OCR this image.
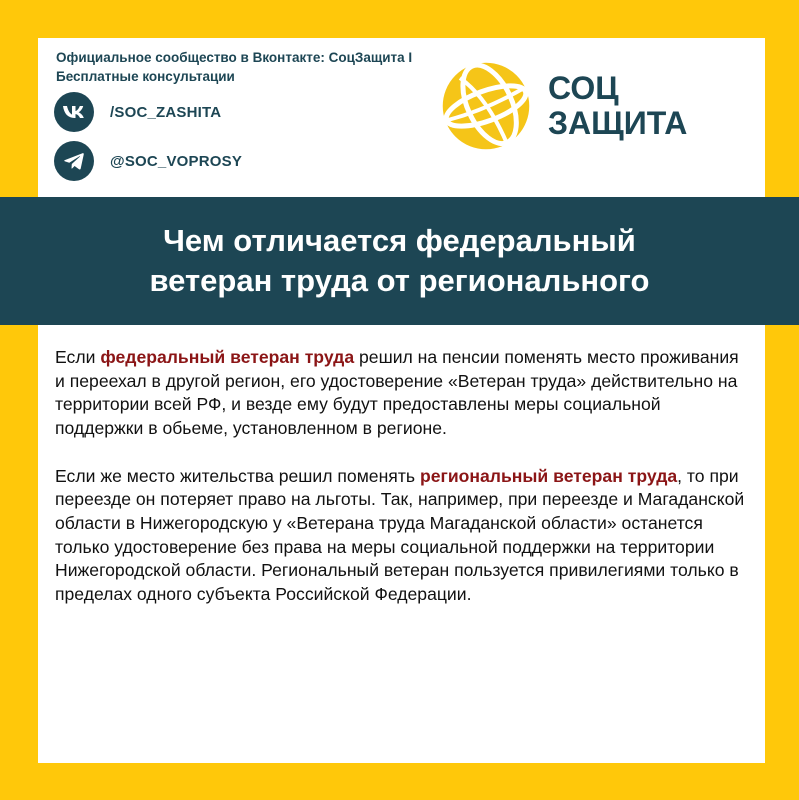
Официальное сообщество в Вконтакте: СоцЗащита I Бесплатные консультации
/SOC_ZASHITA
@SOC_VOPROSY
СОЦ
ЗАЩИТА
Чем отличается федеральный
ветеран труда от регионального

Если федеральный ветеран труда решил на пенсии поменять место проживания и переехал в другой регион, его удостоверение «Ветеран труда» действительно на территории всей РФ, и везде ему будут предоставлены меры социальной поддержки в обьеме, установленном в регионе.

Если же место жительства решил поменять региональный ветеран труда, то при переезде он потеряет право на льготы. Так, например, при переезде и Магаданской области в Нижегородскую у «Ветерана труда Магаданской области» останется только удостоверение без права на меры социальной поддержки на территории Нижегородской области. Региональный ветеран пользуется привилегиями только в пределах одного субъекта Российской Федерации.
